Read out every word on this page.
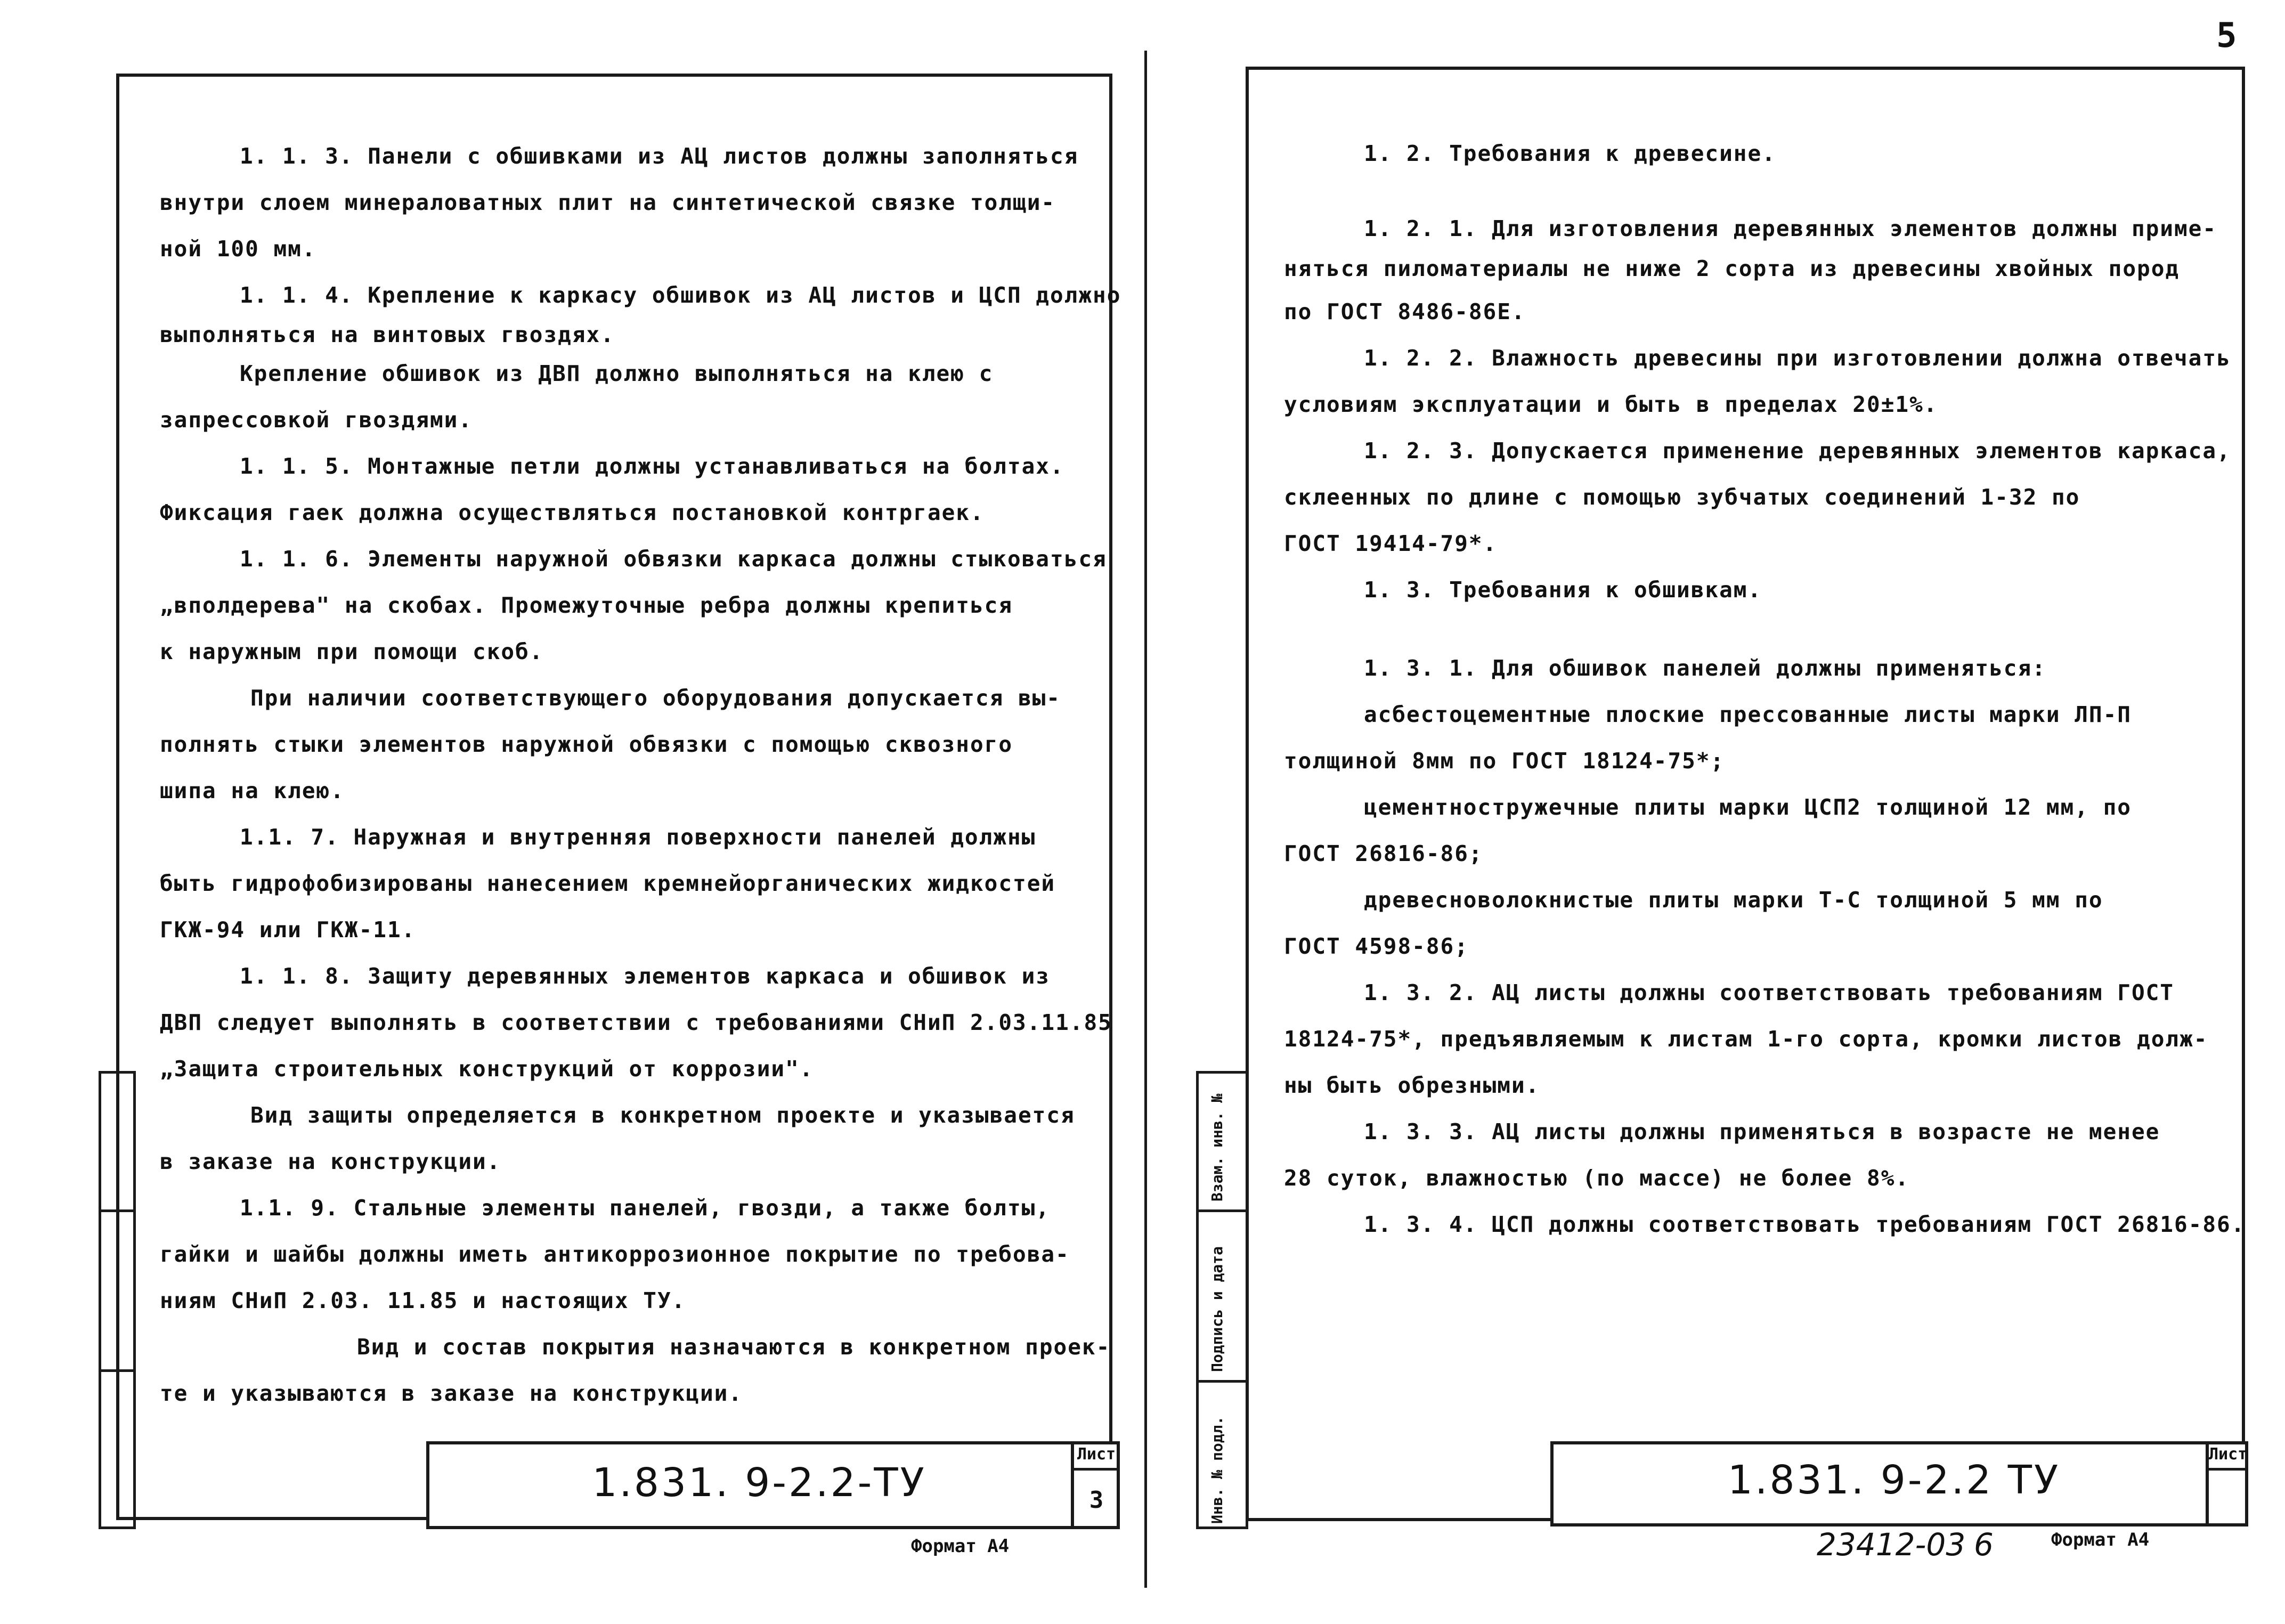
5

1. 1. 3. Панели с обшивками из АЦ листов должны заполняться

внутри слоем минераловатных плит на синтетической связке толщи-

ной 100 мм.

1. 1. 4. Крепление к каркасу обшивок из АЦ листов и ЦСП должно

выполняться на винтовых гвоздях.

Крепление обшивок из ДВП должно выполняться на клею с

запрессовкой гвоздями.

1. 1. 5. Монтажные петли должны устанавливаться на болтах.

Фиксация гаек должна осуществляться постановкой контргаек.

1. 1. 6. Элементы наружной обвязки каркаса должны стыковаться

„вполдерева" на скобах. Промежуточные ребра должны крепиться

к наружным при помощи скоб.

При наличии соответствующего оборудования допускается вы-

полнять стыки элементов наружной обвязки с помощью сквозного

шипа на клею.

1.1. 7. Наружная и внутренняя поверхности панелей должны

быть гидрофобизированы нанесением кремнейорганических жидкостей

ГКЖ-94 или ГКЖ-11.

1. 1. 8. Защиту деревянных элементов каркаса и обшивок из

ДВП следует выполнять в соответствии с требованиями СНиП 2.03.11.85

„Защита строительных конструкций от коррозии".

Вид защиты определяется в конкретном проекте и указывается

в заказе на конструкции.

1.1. 9. Стальные элементы панелей, гвозди, а также болты,

гайки и шайбы должны иметь антикоррозионное покрытие по требова-

ниям СНиП 2.03. 11.85 и настоящих ТУ.

Вид и состав покрытия назначаются в конкретном проек-

те и указываются в заказе на конструкции.

1.831. 9-2.2-ТУ
Лист
3
Формат А4
Инв. № подл.
Подпись и дата
Взам. инв. №

1. 2. Требования к древесине.

1. 2. 1. Для изготовления деревянных элементов должны приме-

няться пиломатериалы не ниже 2 сорта из древесины хвойных пород

по ГОСТ 8486-86Е.

1. 2. 2. Влажность древесины при изготовлении должна отвечать

условиям эксплуатации и быть в пределах 20±1%.

1. 2. 3. Допускается применение деревянных элементов каркаса,

склеенных по длине с помощью зубчатых соединений 1-32 по

ГОСТ 19414-79*.

1. 3. Требования к обшивкам.

1. 3. 1. Для обшивок панелей должны применяться:

асбестоцементные плоские прессованные листы марки ЛП-П

толщиной 8мм по ГОСТ 18124-75*;

цементностружечные плиты марки ЦСП2 толщиной 12 мм, по

ГОСТ 26816-86;

древесноволокнистые плиты марки Т-С толщиной 5 мм по

ГОСТ 4598-86;

1. 3. 2. АЦ листы должны соответствовать требованиям ГОСТ

18124-75*, предъявляемым к листам 1-го сорта, кромки листов долж-

ны быть обрезными.

1. 3. 3. АЦ листы должны применяться в возрасте не менее

28 суток, влажностью (по массе) не более 8%.

1. 3. 4. ЦСП должны соответствовать требованиям ГОСТ 26816-86.

1.831. 9-2.2 ТУ
Лист
23412-03 6	Формат А4
